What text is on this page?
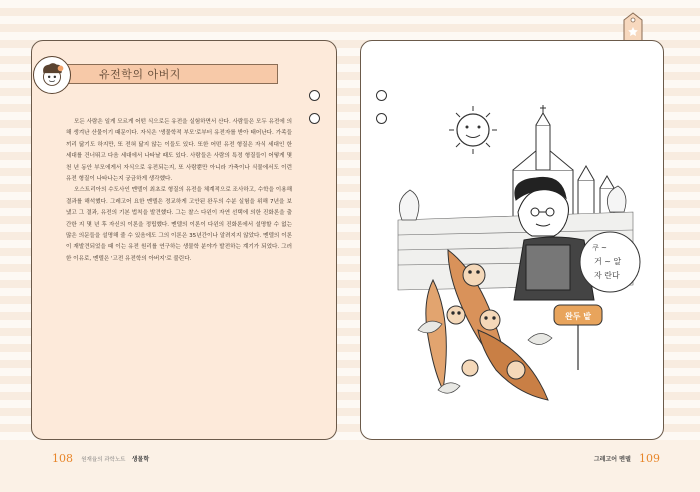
유전학의 아버지

모든 사람은 일게 모르게 어떤 식으로든 유전을 실험하면서 산다. 사람들은 모두 유전에 의해 생겨난 산물이기 때문이다. 자식은 '생물학적 부모'로부터 유전자를 받아 태어난다. 가족들끼리 닮기도 하지만, 또 전혀 닮지 않는 이들도 있다. 또한 어떤 유전 형질은 자식 세대인 한 세대를 건너뛰고 다음 세대에서 나타날 때도 있다. 사람들은 사람의 특정 형질들이 어떻게 몇천 년 동안 부모에게서 자식으로 유전되는지, 또 사람뿐만 아니라 가축이나 식물에서도 이런 유전 형질이 나타나는지 궁금하게 생각했다.

오스트리아의 수도사인 멘델이 최초로 형질의 유전을 체계적으로 조사하고, 수학을 이용해 결과를 해석했다. 그레고어 요한 멘델은 정교하게 고안된 완두의 수분 실험을 위해 7년을 보냈고 그 결과, 유전의 기본 법칙을 발견했다. 그는 찰스 다윈이 자연 선택에 의한 진화론을 출간한 지 몇 년 후 자신의 이론을 정립했다. 멘델의 이론이 다윈의 진화론에서 설명할 수 없는 많은 의문들을 설명해 줄 수 있음에도 그의 이론은 35년간이나 알려지지 않았다. 멘델의 이론이 재발견되었을 때 이는 유전 원리를 연구하는 생물학 분야가 발전하는 계기가 되었다. 그러한 이유로, 멘델은 '고전 유전학의 아버지'로 불린다.

쿠 ~
거 ~ 알
자 란다
완두 밭
108 원재율의 과학노트 생물학	그레고어 멘델 109
